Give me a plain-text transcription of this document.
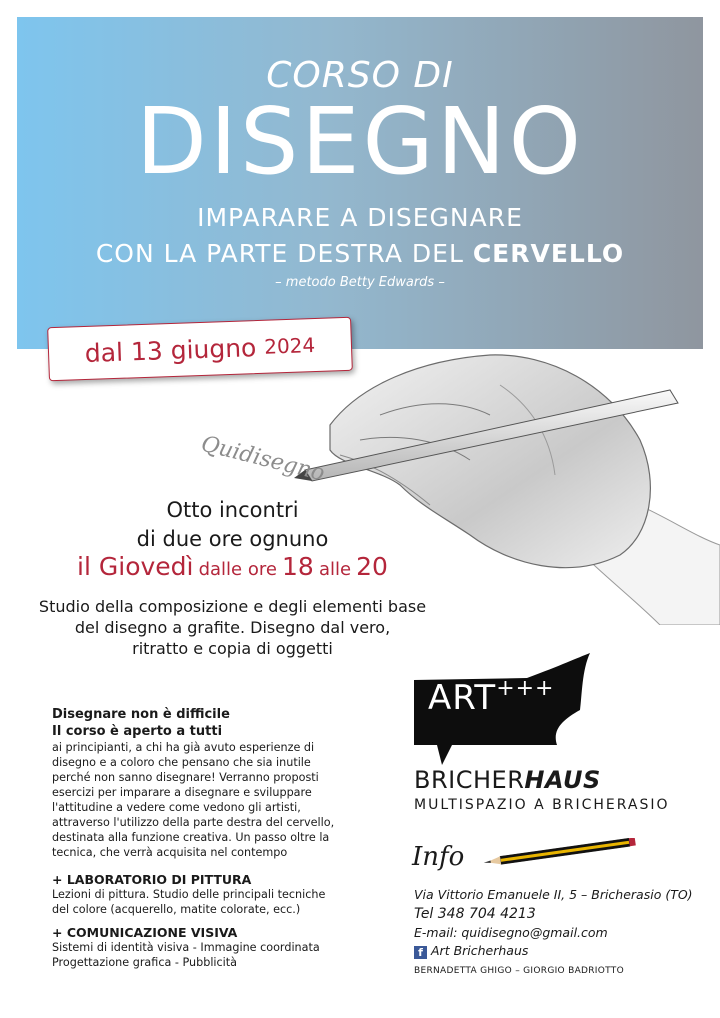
CORSO DI
DISEGNO
IMPARARE A DISEGNARE
CON LA PARTE DESTRA DEL CERVELLO
– metodo Betty Edwards –
Quidisegno
dal 13 giugno 2024
Otto incontri
di due ore ognuno
il Giovedì dalle ore 18 alle 20
Studio della composizione e degli elementi base
del disegno a grafite. Disegno dal vero,
ritratto e copia di oggetti
Disegnare non è difficile
Il corso è aperto a tutti
ai principianti, a chi ha già avuto esperienze di
disegno e a coloro che pensano che sia inutile
perché non sanno disegnare! Verranno proposti
esercizi per imparare a disegnare e sviluppare
l'attitudine a vedere come vedono gli artisti,
attraverso l'utilizzo della parte destra del cervello,
destinata alla funzione creativa. Un passo oltre la
tecnica, che verrà acquisita nel contempo
+ LABORATORIO DI PITTURA
Lezioni di pittura. Studio delle principali tecniche
del colore (acquerello, matite colorate, ecc.)
+ COMUNICAZIONE VISIVA
Sistemi di identità visiva - Immagine coordinata
Progettazione grafica - Pubblicità
ART+++
BRICHERHAUS
MULTISPAZIO A BRICHERASIO
Info
Via Vittorio Emanuele II, 5 – Bricherasio (TO)
Tel 348 704 4213
E-mail: quidisegno@gmail.com
f Art Bricherhaus
BERNADETTA GHIGO – GIORGIO BADRIOTTO
